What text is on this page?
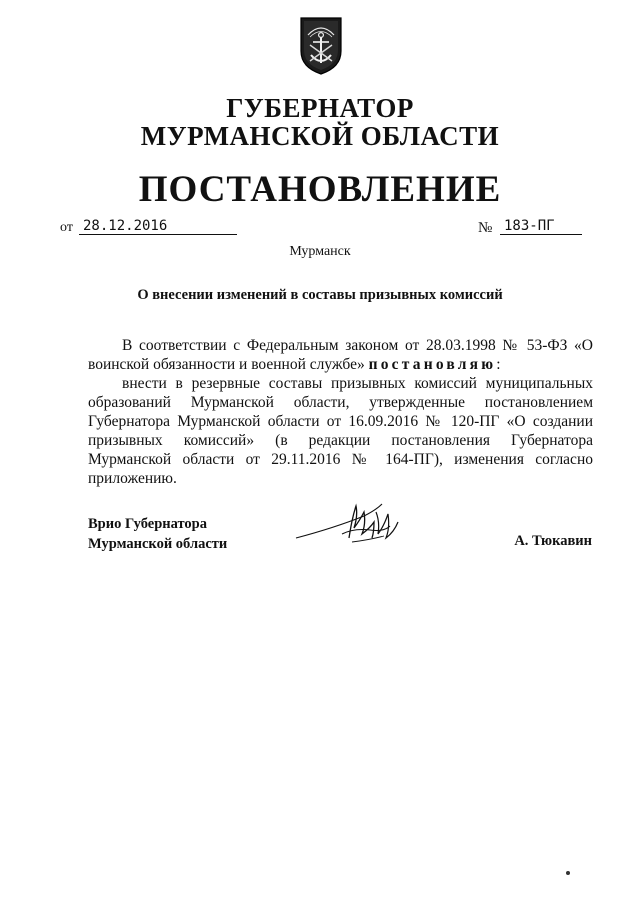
ГУБЕРНАТОР
МУРМАНСКОЙ ОБЛАСТИ
ПОСТАНОВЛЕНИЕ
от 28.12.2016	№ 183-ПГ
Мурманск
О внесении изменений в составы призывных комиссий

В соответствии с Федеральным законом от 28.03.1998 № 53-ФЗ «О воинской обязанности и военной службе» постановляю:

внести в резервные составы призывных комиссий муниципальных образований Мурманской области, утвержденные постановлением Губернатора Мурманской области от 16.09.2016 № 120-ПГ «О создании призывных комиссий» (в редакции постановления Губернатора Мурманской области от 29.11.2016 № 164-ПГ), изменения согласно приложению.

Врио Губернатора
Мурманской области	А. Тюкавин
